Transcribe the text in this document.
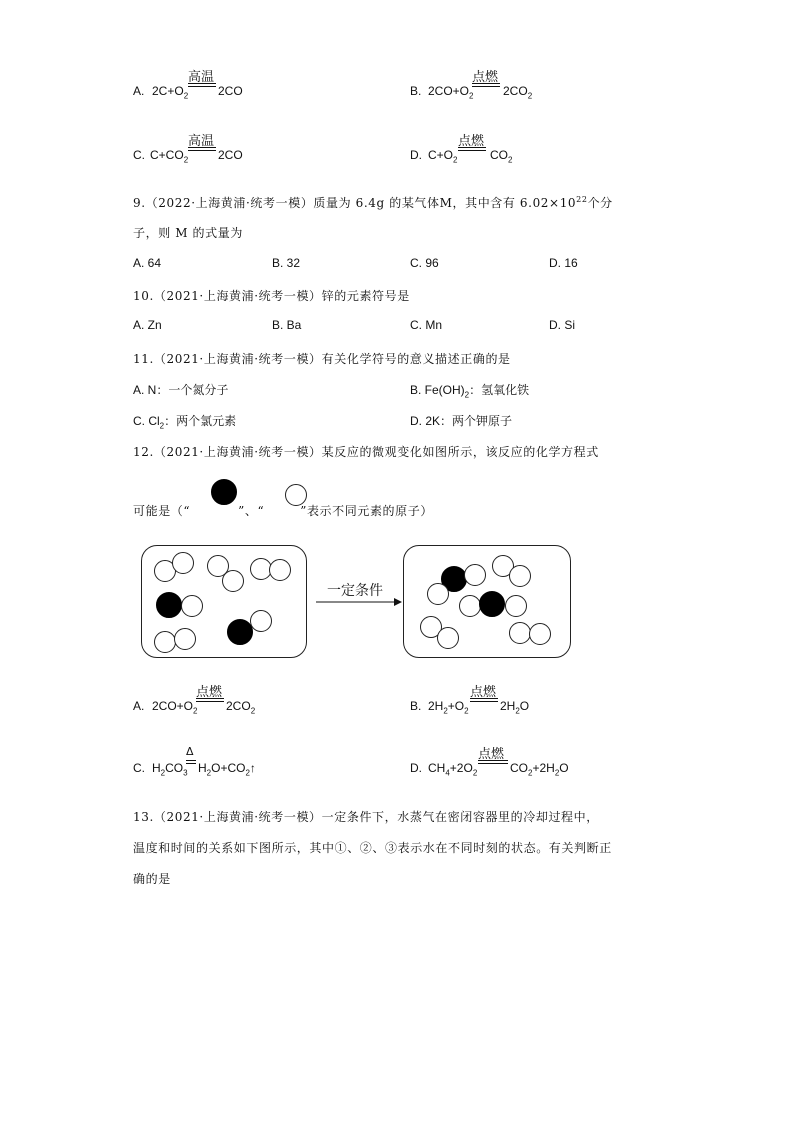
A. $2C+O_2$
高温
2CO	B. $2CO+O_2$
点燃
$2CO_2$
C. $C+CO_2$
高温
2CO	D. $C+O_2$
点燃
$CO_2$
9.（2022·上海黄浦·统考一模）质量为 6.4g 的某气体M，其中含有 $6.02\times 10^{22}$个分
子，则 M 的式量为
A. 64	B. 32	C. 96	D. 16
10.（2021·上海黄浦·统考一模）锌的元素符号是
A. Zn	B. Ba	C. Mn	D. Si
11.（2021·上海黄浦·统考一模）有关化学符号的意义描述正确的是
A. N：一个氮分子	B. $Fe(OH)_2$：氢氧化铁
C. $Cl_2$：两个氯元素	D. 2K：两个钾原子
12.（2021·上海黄浦·统考一模）某反应的微观变化如图所示，该反应的化学方程式
可能是（“	”、“	”表示不同元素的原子）
一定条件
A. $2CO+O_2$
点燃
$2CO_2$	B. $2H_2+O_2$
点燃
$2H_2O$
C. $H_2CO_3$
Δ
$H_2O+CO_2↑$	D. $CH_4+2O_2$
点燃
$CO_2+2H_2O$
13.（2021·上海黄浦·统考一模）一定条件下，水蒸气在密闭容器里的冷却过程中，
温度和时间的关系如下图所示，其中①、②、③表示水在不同时刻的状态。有关判断正
确的是
